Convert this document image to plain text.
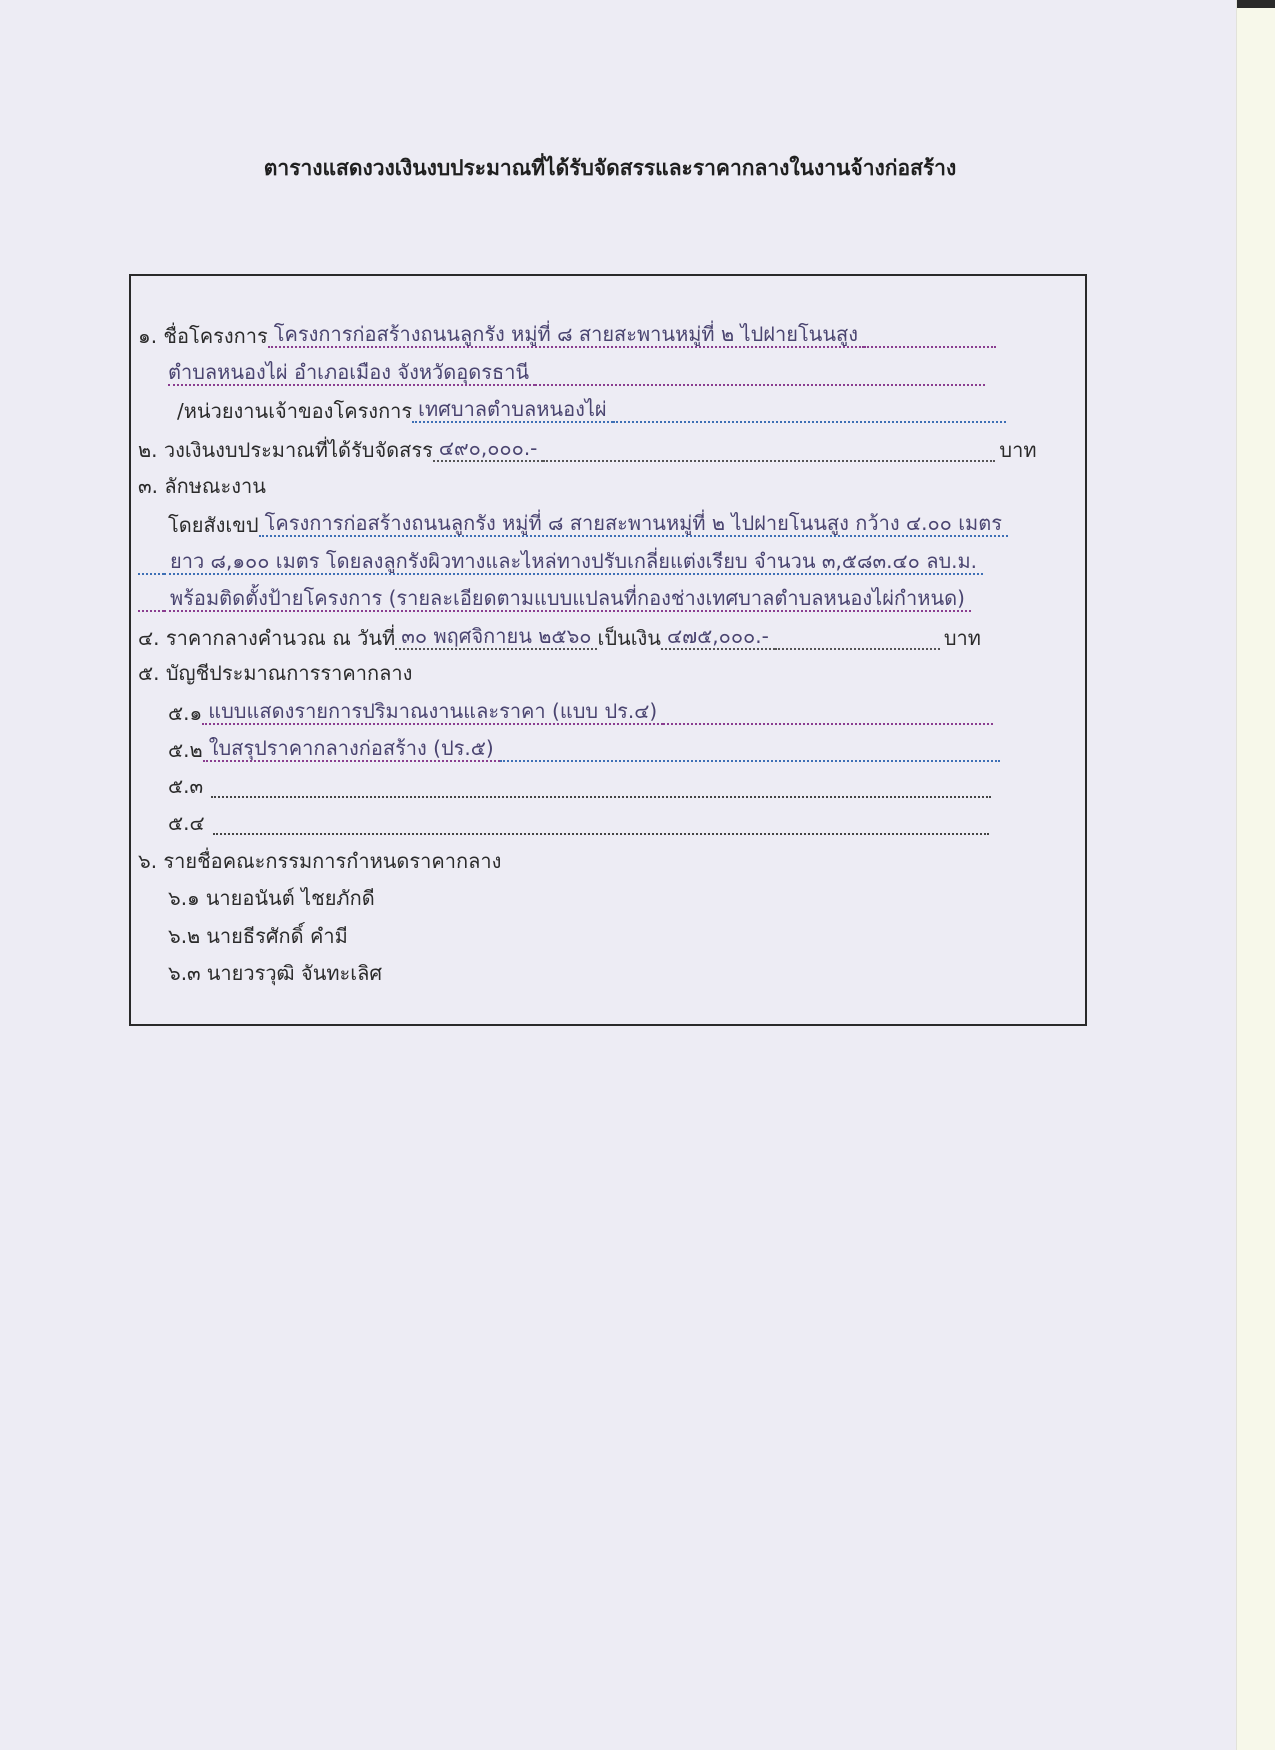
ตารางแสดงวงเงินงบประมาณที่ได้รับจัดสรรและราคากลางในงานจ้างก่อสร้าง
๑. ชื่อโครงการ โครงการก่อสร้างถนนลูกรัง หมู่ที่ ๘ สายสะพานหมู่ที่ ๒ ไปฝายโนนสูง
ตำบลหนองไผ่ อำเภอเมือง จังหวัดอุดรธานี
/หน่วยงานเจ้าของโครงการ เทศบาลตำบลหนองไผ่
๒. วงเงินงบประมาณที่ได้รับจัดสรร ๔๙๐,๐๐๐.-	บาท
๓. ลักษณะงาน
โดยสังเขป โครงการก่อสร้างถนนลูกรัง หมู่ที่ ๘ สายสะพานหมู่ที่ ๒ ไปฝายโนนสูง กว้าง ๔.๐๐ เมตร
ยาว ๘,๑๐๐ เมตร โดยลงลูกรังผิวทางและไหล่ทางปรับเกลี่ยแต่งเรียบ จำนวน ๓,๕๘๓.๔๐ ลบ.ม.
พร้อมติดตั้งป้ายโครงการ (รายละเอียดตามแบบแปลนที่กองช่างเทศบาลตำบลหนองไผ่กำหนด)
๔. ราคากลางคำนวณ ณ วันที่ ๓๐ พฤศจิกายน ๒๕๖๐ เป็นเงิน ๔๗๕,๐๐๐.-	บาท
๕. บัญชีประมาณการราคากลาง
๕.๑ แบบแสดงรายการปริมาณงานและราคา (แบบ ปร.๔)
๕.๒ ใบสรุปราคากลางก่อสร้าง (ปร.๕)
๕.๓
๕.๔
๖. รายชื่อคณะกรรมการกำหนดราคากลาง
๖.๑ นายอนันต์ ไชยภักดี
๖.๒ นายธีรศักดิ์ คำมี
๖.๓ นายวรวุฒิ จันทะเลิศ
